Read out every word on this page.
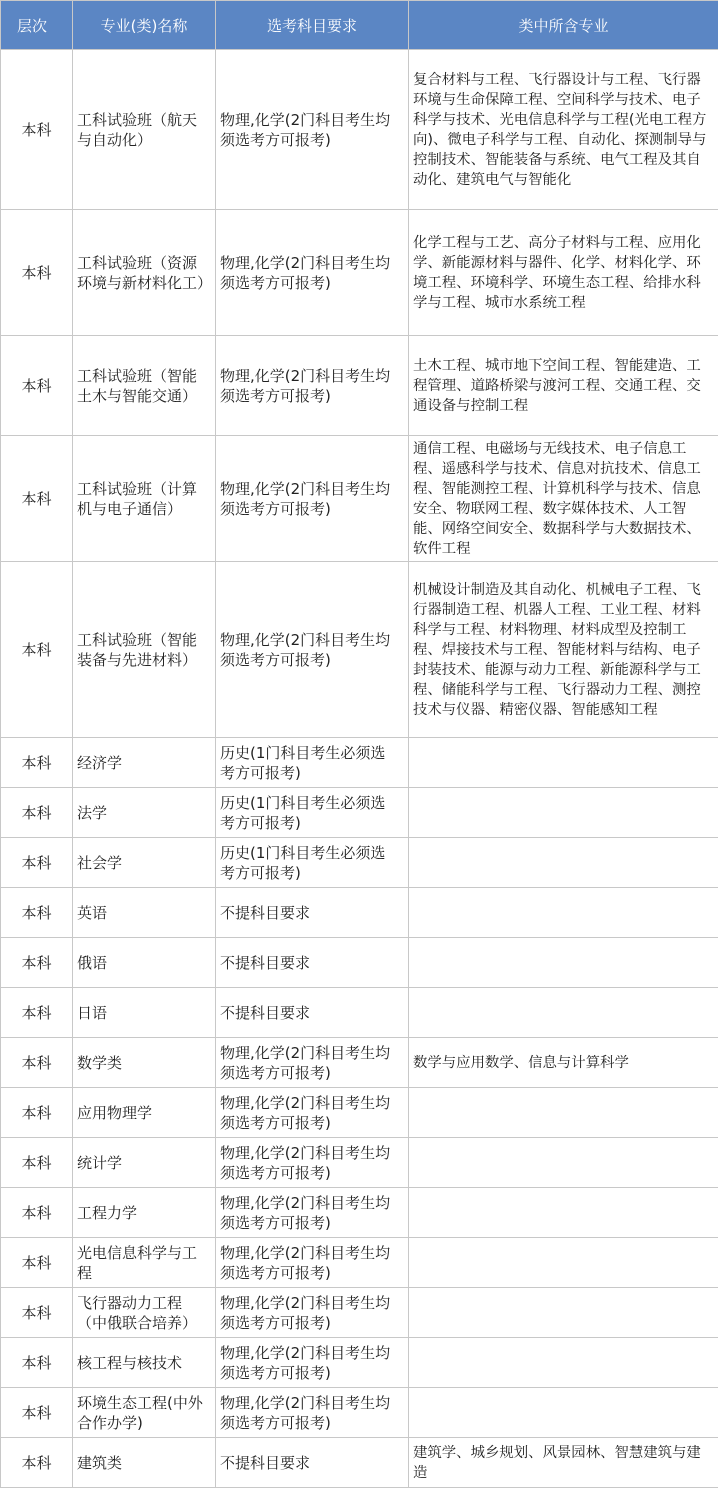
层次	专业(类)名称	选考科目要求	类中所含专业
本科	工科试验班（航天与自动化）	物理,化学(2门科目考生均须选考方可报考)	复合材料与工程、飞行器设计与工程、飞行器环境与生命保障工程、空间科学与技术、电子科学与技术、光电信息科学与工程(光电工程方向)、微电子科学与工程、自动化、探测制导与控制技术、智能装备与系统、电气工程及其自动化、建筑电气与智能化
本科	工科试验班（资源环境与新材料化工）	物理,化学(2门科目考生均须选考方可报考)	化学工程与工艺、高分子材料与工程、应用化学、新能源材料与器件、化学、材料化学、环境工程、环境科学、环境生态工程、给排水科学与工程、城市水系统工程
本科	工科试验班（智能土木与智能交通）	物理,化学(2门科目考生均须选考方可报考)	土木工程、城市地下空间工程、智能建造、工程管理、道路桥梁与渡河工程、交通工程、交通设备与控制工程
本科	工科试验班（计算机与电子通信）	物理,化学(2门科目考生均须选考方可报考)	通信工程、电磁场与无线技术、电子信息工程、遥感科学与技术、信息对抗技术、信息工程、智能测控工程、计算机科学与技术、信息安全、物联网工程、数字媒体技术、人工智能、网络空间安全、数据科学与大数据技术、软件工程
本科	工科试验班（智能装备与先进材料）	物理,化学(2门科目考生均须选考方可报考)	机械设计制造及其自动化、机械电子工程、飞行器制造工程、机器人工程、工业工程、材料科学与工程、材料物理、材料成型及控制工程、焊接技术与工程、智能材料与结构、电子封装技术、能源与动力工程、新能源科学与工程、储能科学与工程、飞行器动力工程、测控技术与仪器、精密仪器、智能感知工程
本科	经济学	历史(1门科目考生必须选考方可报考)	
本科	法学	历史(1门科目考生必须选考方可报考)	
本科	社会学	历史(1门科目考生必须选考方可报考)	
本科	英语	不提科目要求	
本科	俄语	不提科目要求	
本科	日语	不提科目要求	
本科	数学类	物理,化学(2门科目考生均须选考方可报考)	数学与应用数学、信息与计算科学
本科	应用物理学	物理,化学(2门科目考生均须选考方可报考)	
本科	统计学	物理,化学(2门科目考生均须选考方可报考)	
本科	工程力学	物理,化学(2门科目考生均须选考方可报考)	
本科	光电信息科学与工程	物理,化学(2门科目考生均须选考方可报考)	
本科	飞行器动力工程（中俄联合培养）	物理,化学(2门科目考生均须选考方可报考)	
本科	核工程与核技术	物理,化学(2门科目考生均须选考方可报考)	
本科	环境生态工程(中外合作办学)	物理,化学(2门科目考生均须选考方可报考)	
本科	建筑类	不提科目要求	建筑学、城乡规划、风景园林、智慧建筑与建造
